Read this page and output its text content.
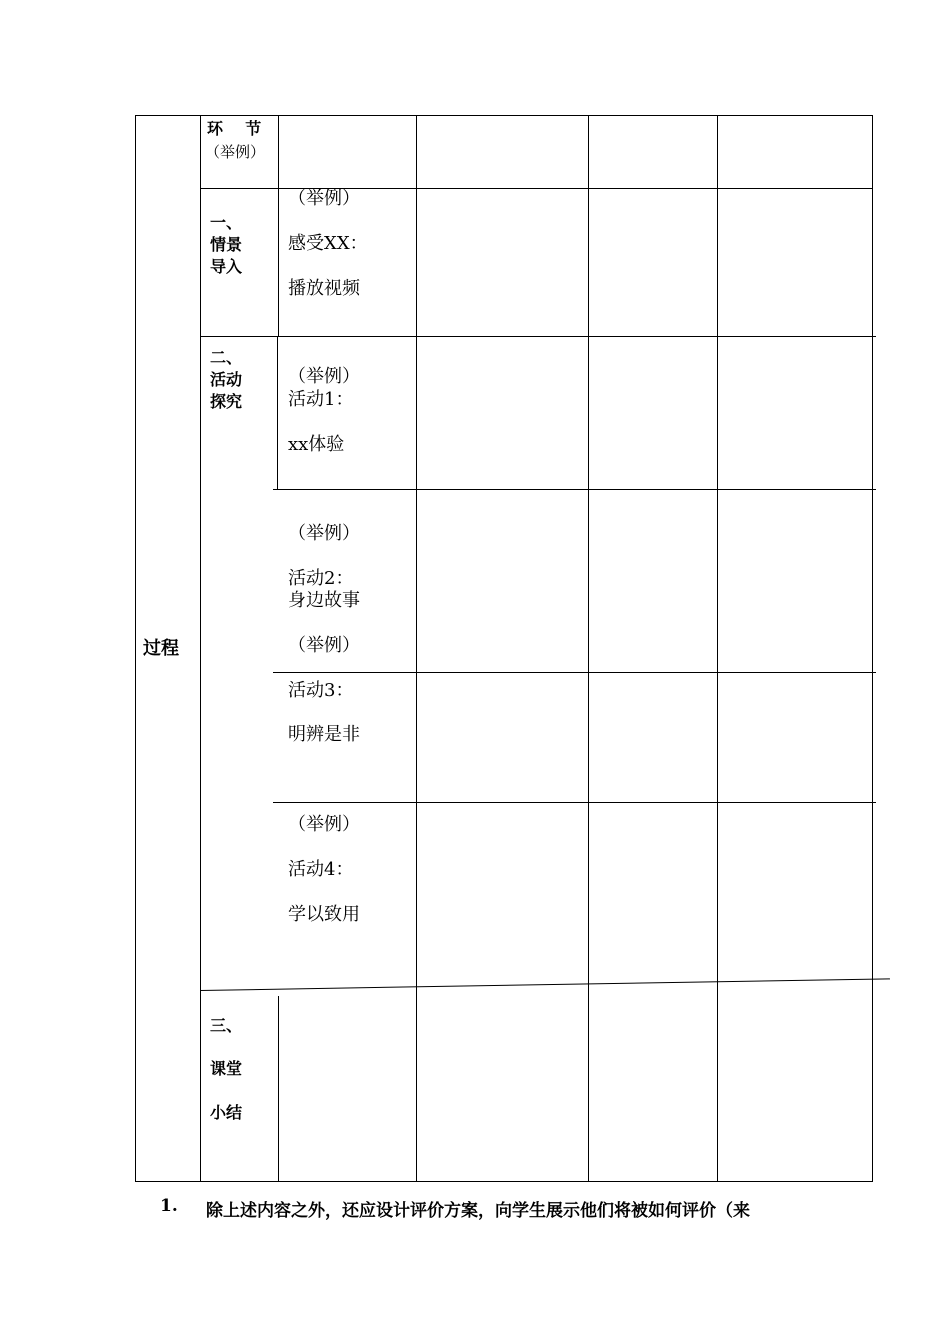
过程
环    节
（举例）
一、
情景
导入
（举例）
感受XX：
播放视频
二、
活动
探究
（举例）
活动1：
xx体验
（举例）
活动2：
身边故事
（举例）
活动3：
明辨是非
（举例）
活动4：
学以致用
三、
课堂
小结
1. 除上述内容之外，还应设计评价方案，向学生展示他们将被如何评价（来
